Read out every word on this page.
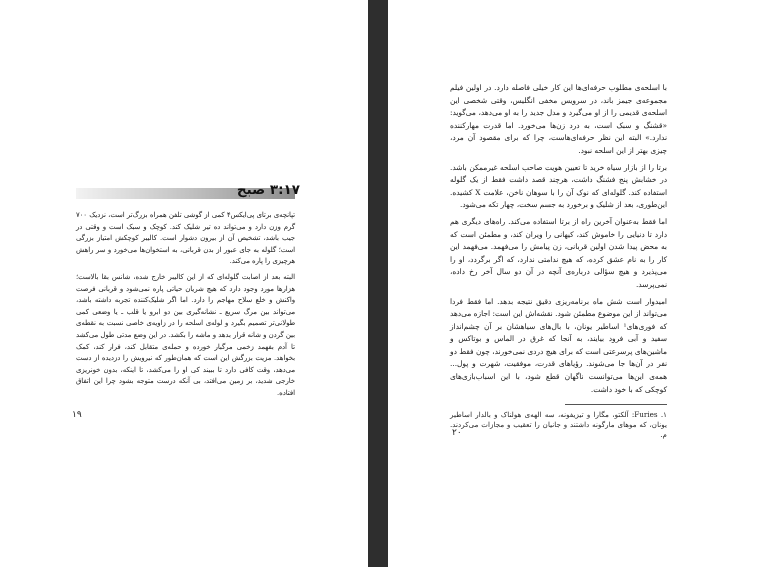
۳:۱۷ صبح

تپانچه‌ی برتای پی‌ایکس۴ کمی از گوشی تلفن همراه بزرگ‌تر است، نزدیک ۷۰۰ گرم وزن دارد و می‌تواند ده تیر شلیک کند. کوچک و سبک است و وقتی در جیب باشد، تشخیص آن از بیرون دشوار است. کالیبر کوچکش امتیاز بزرگی است؛ گلوله به جای عبور از بدن قربانی، به استخوان‌ها می‌خورد و سر راهش هرچیزی را پاره می‌کند.

البته بعد از اصابت گلوله‌ای که از این کالیبر خارج شده، شانس بقا بالاست؛ هزارها مورد وجود دارد که هیچ شریان حیاتی پاره نمی‌شود و قربانی فرصت واکنش و خلع سلاح مهاجم را دارد. اما اگر شلیک‌کننده تجربه داشته باشد، می‌تواند بین مرگ سریع ـ نشانه‌گیری بین دو ابرو یا قلب ـ یا وضعی کمی طولانی‌تر تصمیم بگیرد و لوله‌ی اسلحه را در زاویه‌ی خاصی نسبت به نقطه‌ی بین گردن و شانه قرار بدهد و ماشه را بکشد. در این وضع مدتی طول می‌کشد تا آدم بفهمد زخمی مرگبار خورده و حمله‌ی متقابل کند، فرار کند، کمک بخواهد. مزیت بزرگش این است که همان‌طور که نیرویش را دزدیده از دست می‌دهد، وقت کافی دارد تا ببیند کی او را می‌کشد، تا اینکه، بدون خونریزی خارجی شدید، بر زمین می‌افتد، بی آنکه درست متوجه بشود چرا این اتفاق افتاده.

۱۹

با اسلحه‌ی مطلوب حرفه‌ای‌ها این کار خیلی فاصله دارد. در اولین فیلم مجموعه‌ی جیمز باند، در سرویس مخفی انگلیس، وقتی شخصی این اسلحه‌ی قدیمی را از او می‌گیرد و مدل جدید را به او می‌دهد، می‌گوید: «قشنگ و سبک است، به درد زن‌ها می‌خورد. اما قدرت مهارکننده ندارد.» البته این نظر حرفه‌ای‌هاست، چرا که برای مقصود آن مرد، چیزی بهتر از این اسلحه نبود.

برتا را از بازار سیاه خرید تا تعیین هویت صاحب اسلحه غیرممکن باشد. در خشابش پنج فشنگ داشت، هرچند قصد داشت فقط از یک گلوله استفاده کند. گلوله‌ای که نوک آن را با سوهان ناخن، علامت X کشیده. این‌طوری، بعد از شلیک و برخورد به جسم سخت، چهار تکه می‌شود.

اما فقط به‌عنوان آخرین راه از برتا استفاده می‌کند. راه‌های دیگری هم دارد تا دنیایی را خاموش کند، کیهانی را ویران کند، و مطمئن است که به محض پیدا شدن اولین قربانی، زن پیامش را می‌فهمد. می‌فهمد این کار را به نام عشق کرده، که هیچ ندامتی ندارد، که اگر برگردد، او را می‌پذیرد و هیچ سؤالی درباره‌ی آنچه در آن دو سال آخر رخ داده، نمی‌پرسد.

امیدوار است شش ماه برنامه‌ریزی دقیق نتیجه بدهد. اما فقط فردا می‌تواند از این موضوع مطمئن شود. نقشه‌اش این است: اجازه می‌دهد که فوری‌های¹ اساطیر یونان، با بال‌های سیاهشان بر آن چشم‌انداز سفید و آبی فرود بیایند، به آنجا که غرق در الماس و بوتاکس و ماشین‌های پرسرعتی است که برای هیچ دردی نمی‌خورند، چون فقط دو نفر در آن‌ها جا می‌شوند. رؤیاهای قدرت، موفقیت، شهرت و پول... همه‌ی این‌ها می‌توانست ناگهان قطع شود، با این اسباب‌بازی‌های کوچکی که با خود داشت.

۱. Furies: آلکتو، مگارا و تیزیفونه، سه الهه‌ی هولناک و بالدار اساطیر یونان، که موهای مارگونه داشتند و جانیان را تعقیب و مجازات می‌کردند. م.
۲۰
